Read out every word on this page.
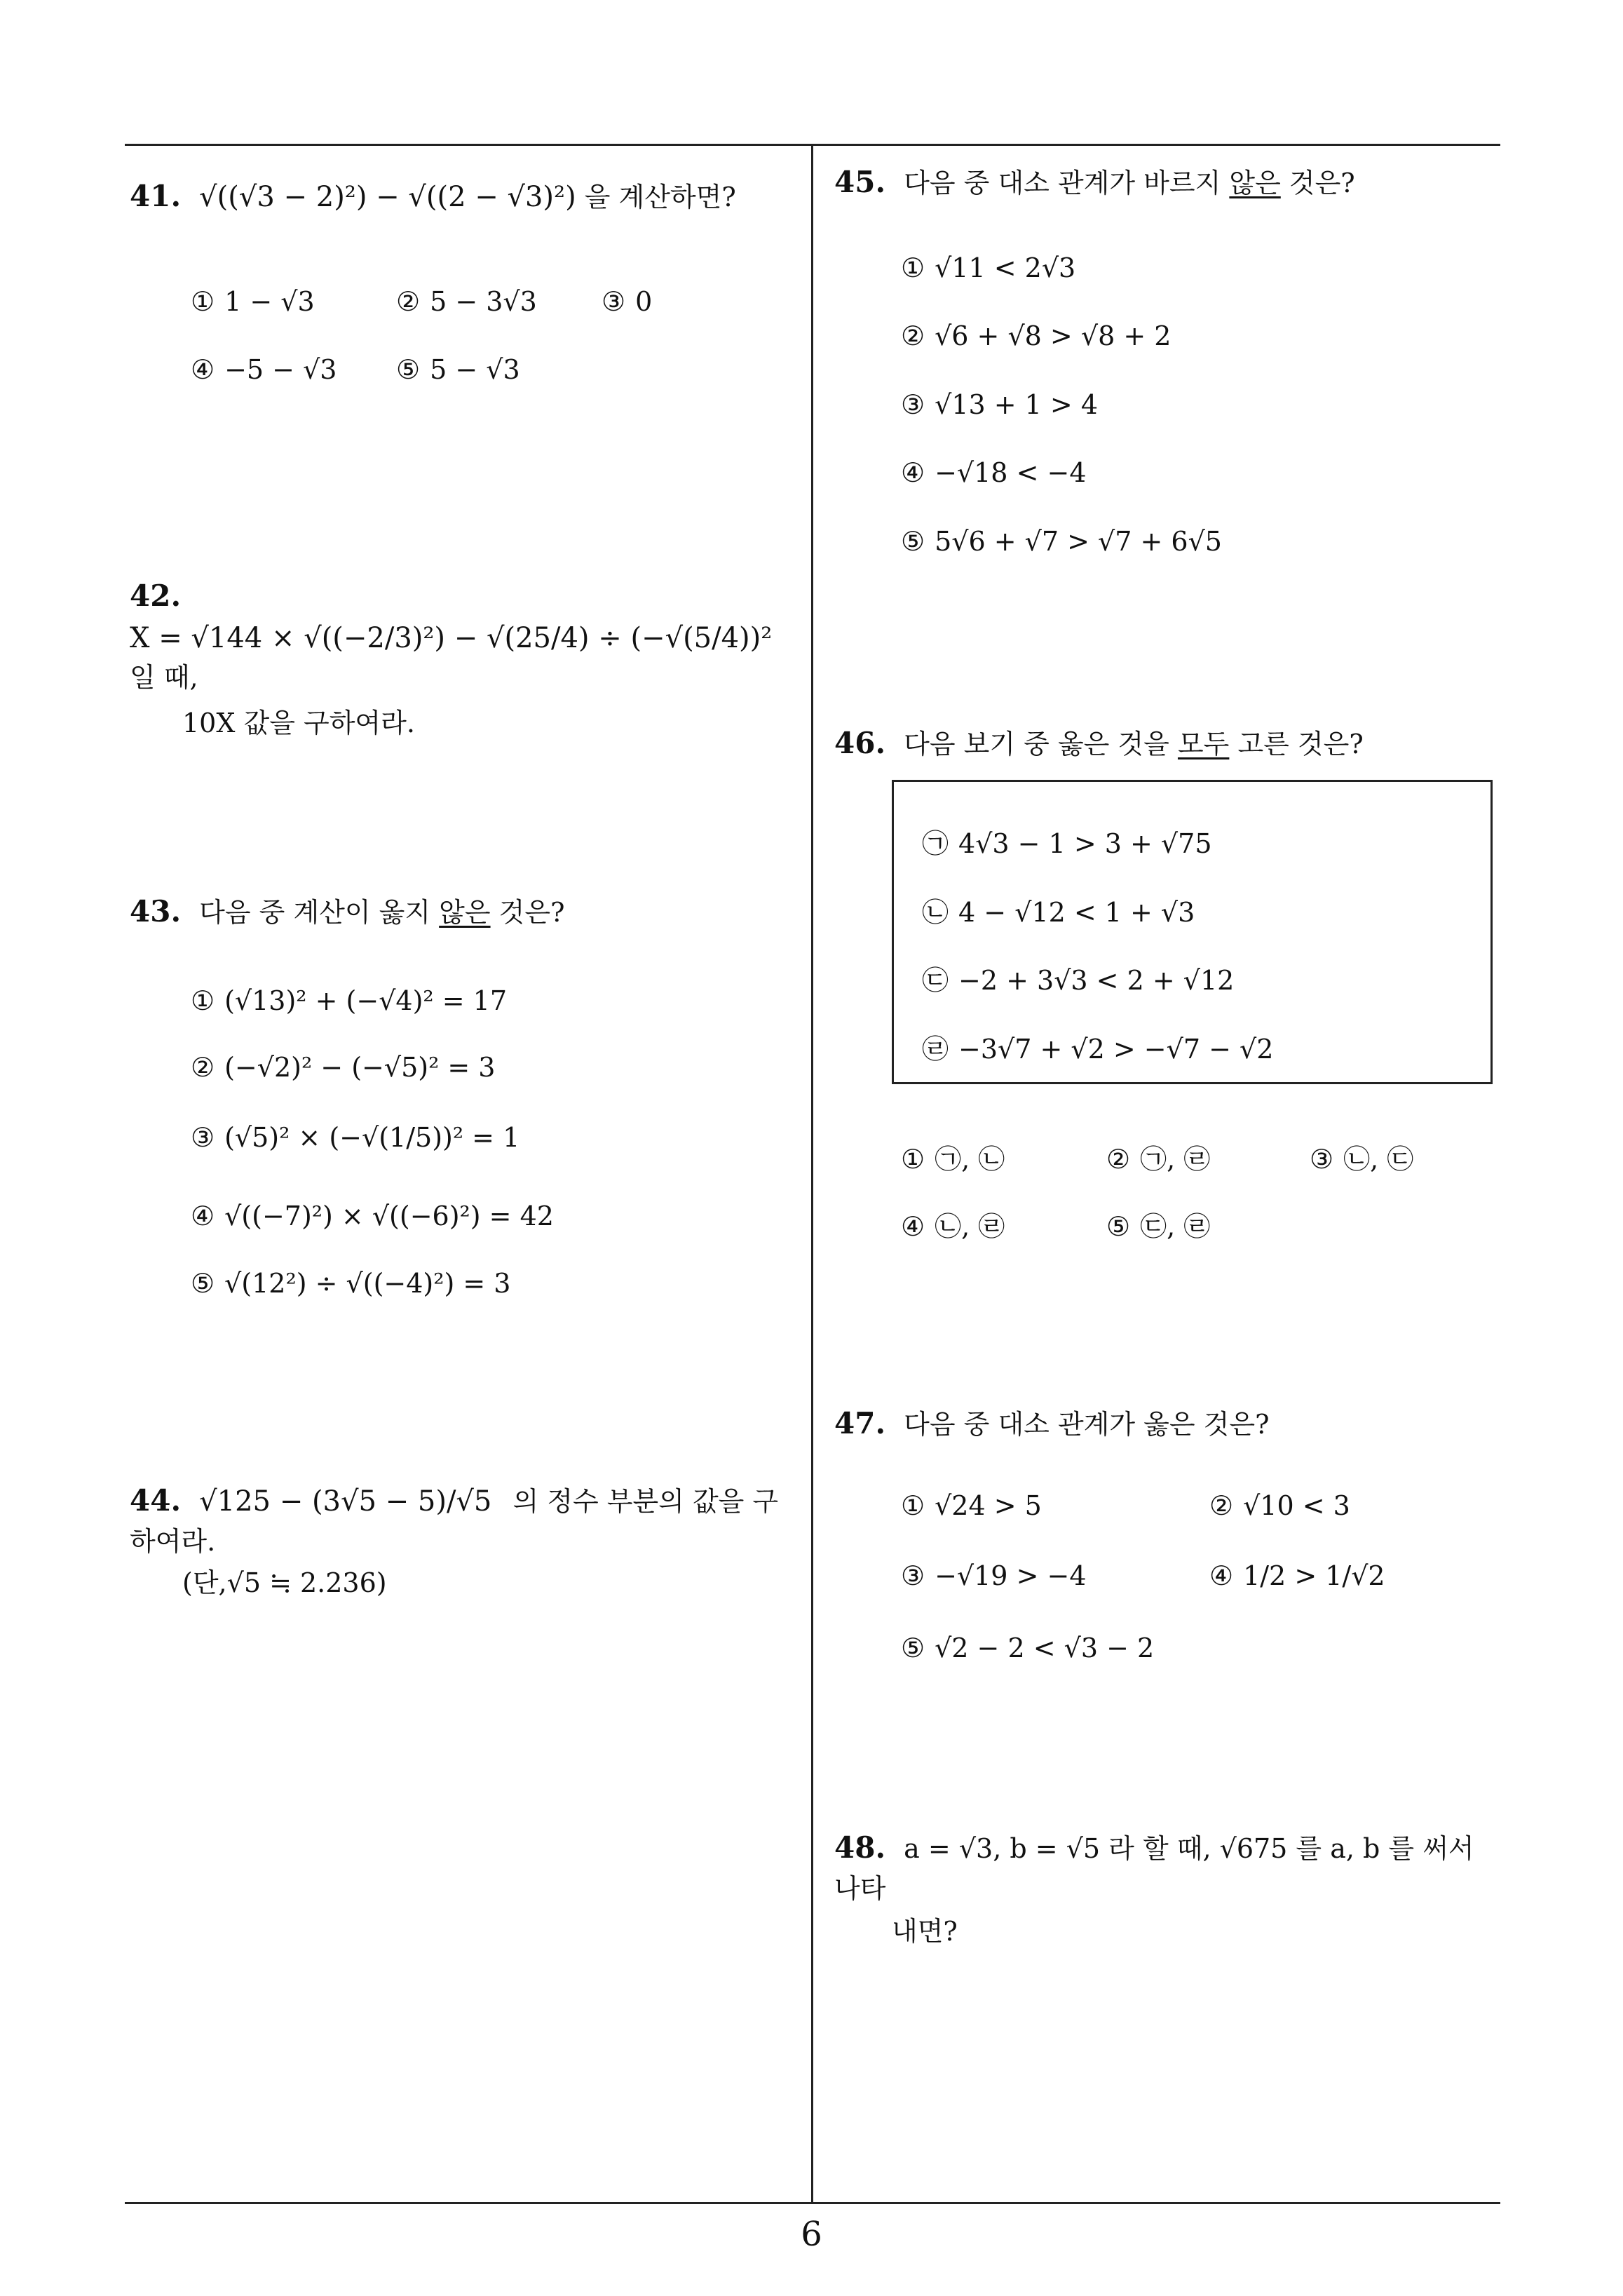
41. √((√3 − 2)²) − √((2 − √3)²) 을 계산하면?
① 1 − √3	② 5 − 3√3 ③ 0
④ −5 − √3 ⑤ 5 − √3
42. X = √144 × √((−2/3)²) − √(25/4) ÷ (−√(5/4))² 일 때,
10X 값을 구하여라.
43. 다음 중 계산이 옳지 않은 것은?
① (√13)² + (−√4)² = 17
② (−√2)² − (−√5)² = 3
③ (√5)² × (−√(1/5))² = 1
④ √((−7)²) × √((−6)²) = 42
⑤ √(12²) ÷ √((−4)²) = 3
44. √125 − (3√5 − 5)/√5 의 정수 부분의 값을 구하여라.
(단,√5 ≒ 2.236)
45. 다음 중 대소 관계가 바르지 않은 것은?
① √11 < 2√3
② √6 + √8 > √8 + 2
③ √13 + 1 > 4
④ −√18 < −4
⑤ 5√6 + √7 > √7 + 6√5
46. 다음 보기 중 옳은 것을 모두 고른 것은?
㉠ 4√3 − 1 > 3 + √75
㉡ 4 − √12 < 1 + √3
㉢ −2 + 3√3 < 2 + √12
㉣ −3√7 + √2 > −√7 − √2
① ㉠, ㉡	② ㉠, ㉣	③ ㉡, ㉢
④ ㉡, ㉣	⑤ ㉢, ㉣
47. 다음 중 대소 관계가 옳은 것은?
① √24 > 5	② √10 < 3
③ −√19 > −4	④ 1/2 > 1/√2
⑤ √2 − 2 < √3 − 2
48. a = √3, b = √5 라 할 때, √675 를 a, b 를 써서 나타
내면?
6
